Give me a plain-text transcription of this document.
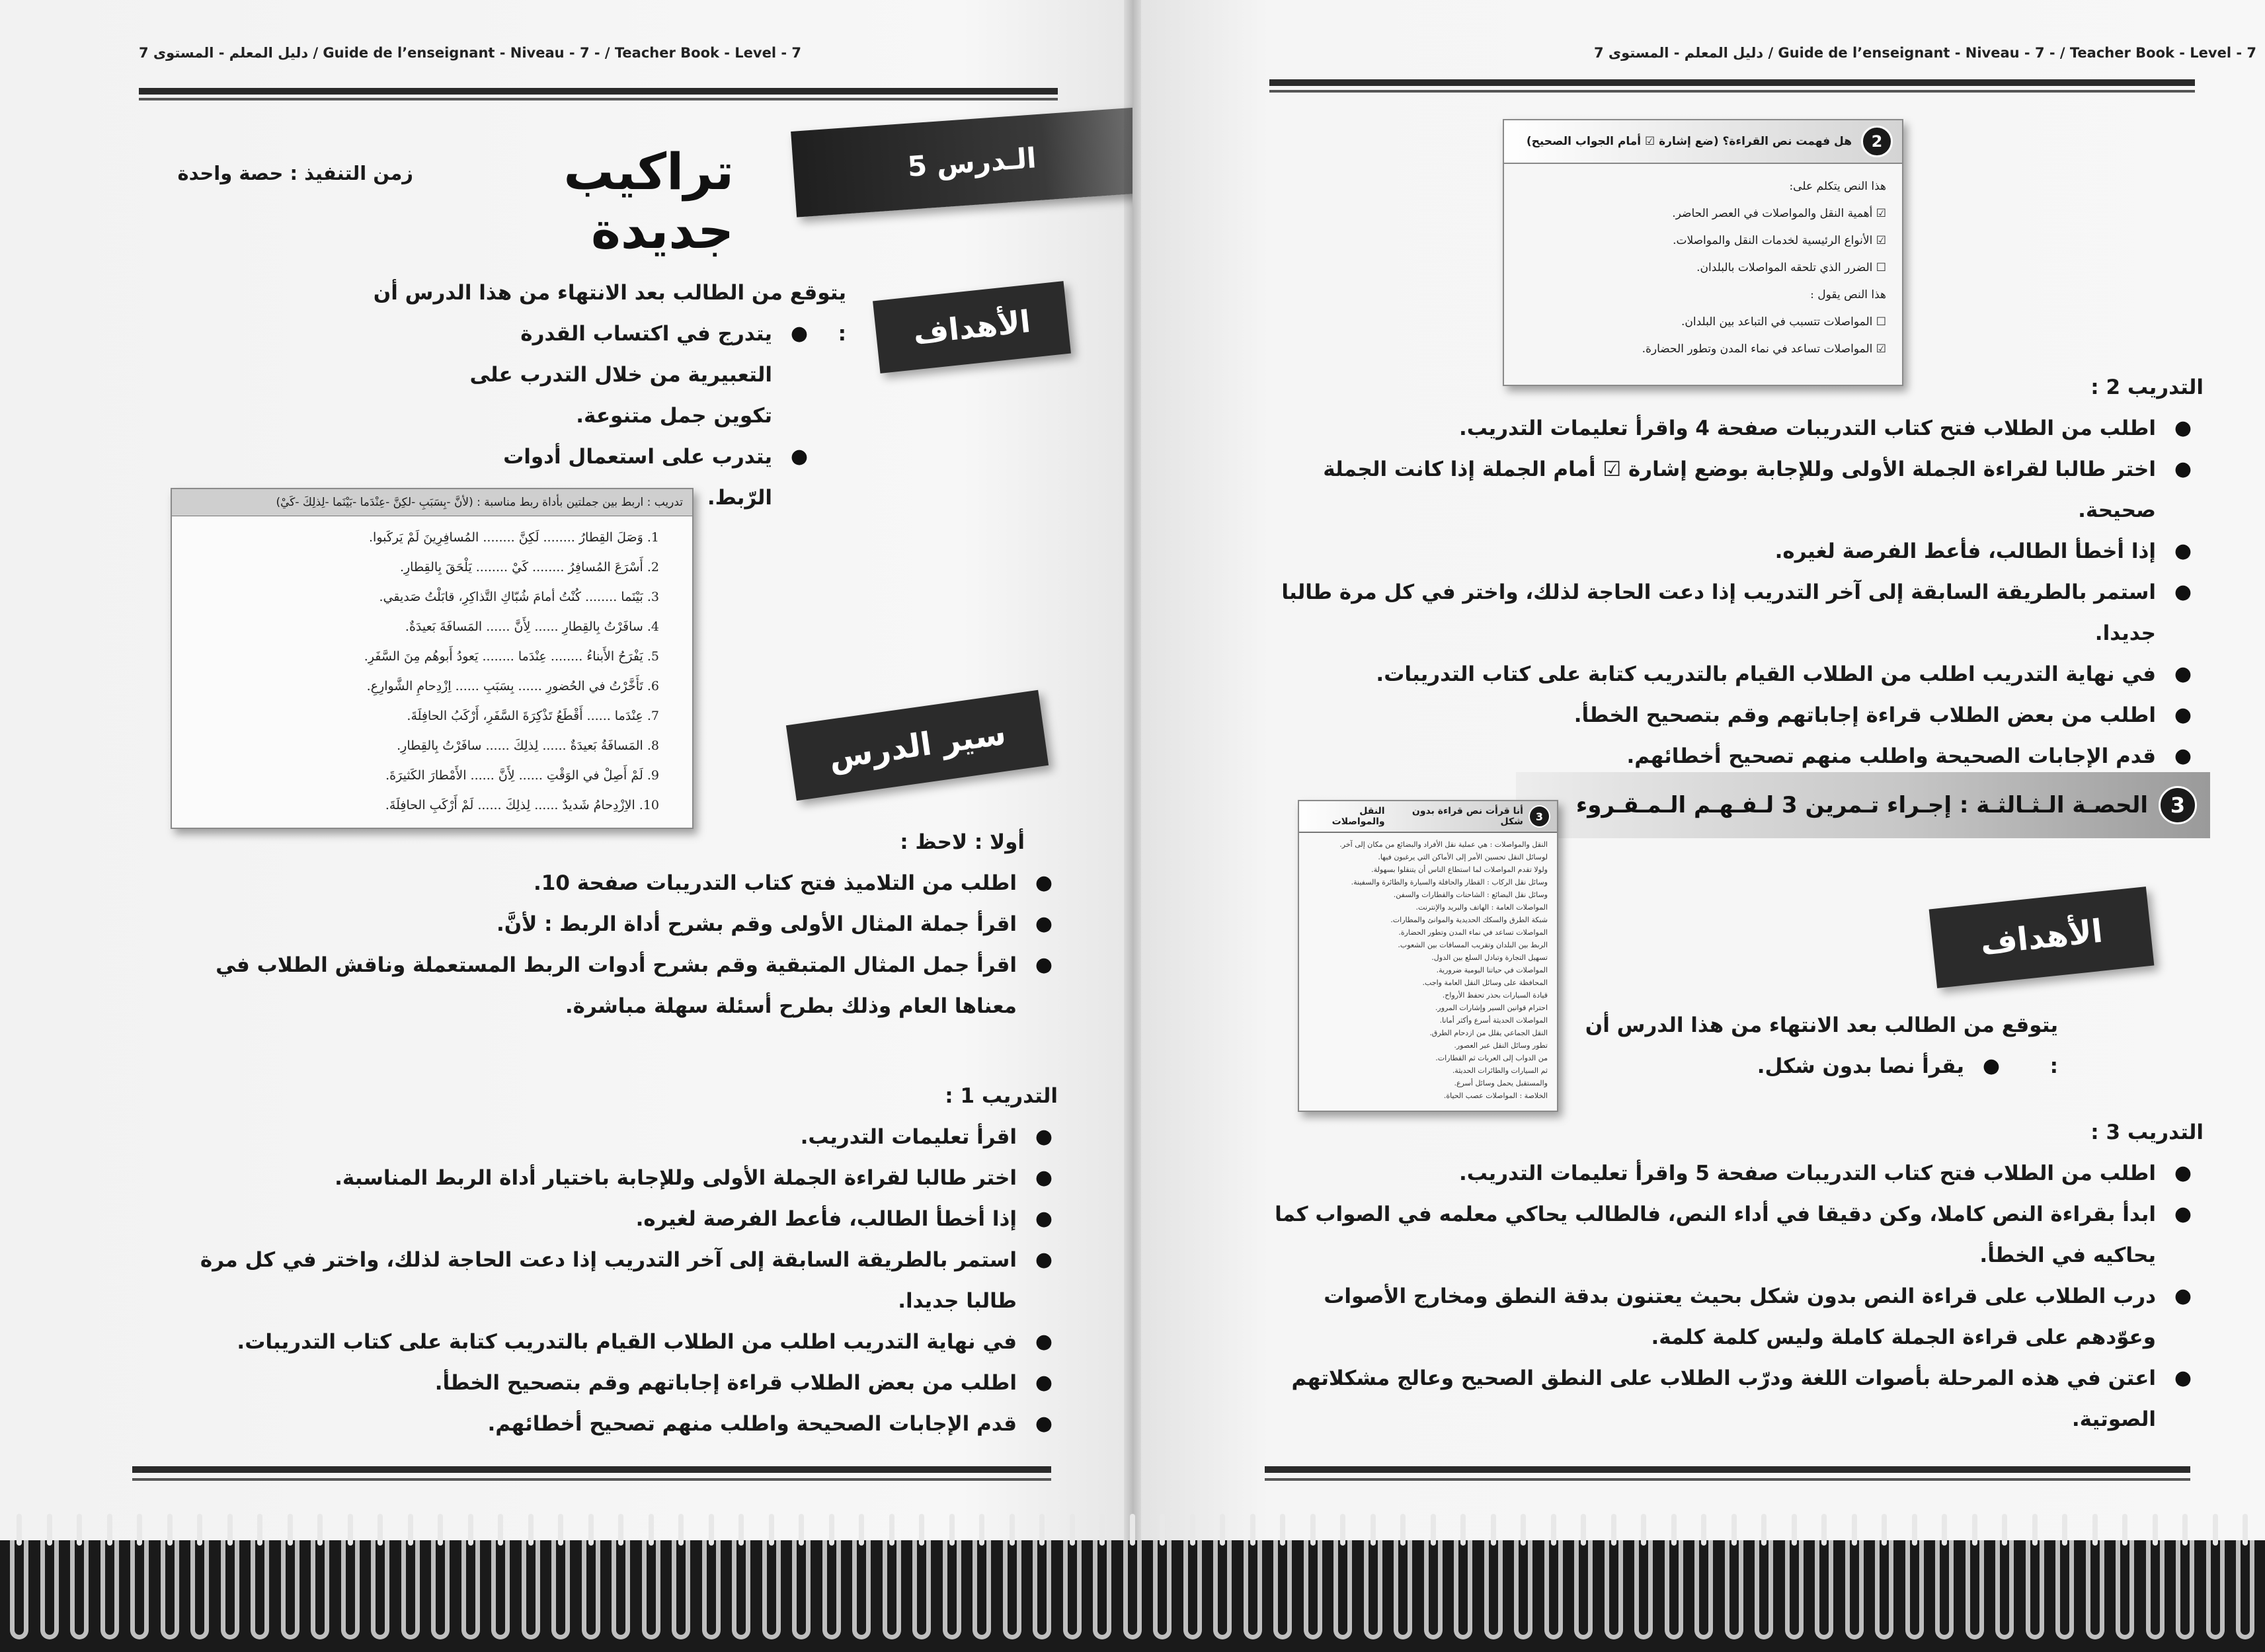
دليل المعلم - المستوى 7 / Guide de l’enseignant - Niveau - 7 - / Teacher Book - Level - 7
الـدرس 5
تراكيب جديدة
زمن التنفيذ : حصة واحدة
الأهداف
يتوقع من الطالب بعد الانتهاء من هذا الدرس أن :
● يتدرج في اكتساب القدرة التعبيرية من خلال التدرب على تكوين جمل متنوعة.
● يتدرب على استعمال أدوات الرّبط.
تدريب : اربط بين جملتين بأداة ربط مناسبة : (لأنَّ -بِسَبَبِ -لكِنَّ -عِنْدَما -بَيْنَما -لِذلِكَ -كَيْ)
1. وَصَلَ القِطارُ ........ لَكِنَّ ........ المُسافِرِينَ لَمْ يَركَبوا.
2. أَسْرَعَ المُسافِرُ ........ كَيْ ........ يَلْحَقَ بِالقِطارِ.
3. بَيْنَما ........ كُنْتُ أمامَ شُبّاكِ التَّذاكِرِ، قابَلْتُ صَديقي.
4. سافَرْتُ بِالقِطارِ ...... لِأَنَّ ...... المَسافَةَ بَعيدَةٌ.
5. يَفْرَحُ الأَبناءُ ........ عِنْدَما ........ يَعودُ أَبوهُم مِنَ السَّفَرِ.
6. تَأَخَّرْتُ في الحُضورِ ...... بِسَبَبِ ...... اِزْدِحامِ الشَّوارِعِ.
7. عِنْدَما ...... أَقْطَعُ تَذْكِرَةَ السَّفَرِ، أَرْكَبُ الحافِلَةَ.
8. المَسافَةُ بَعيدَةٌ ...... لِذلِكَ ...... سافَرْتُ بِالقِطارِ.
9. لَمْ أَصِلْ في الوَقْتِ ...... لِأَنَّ ...... الأَمْطارَ الكَثيرَةَ.
10. الاِزْدِحامُ شَديدٌ ...... لِذلِكَ ...... لَمْ أَرْكَبِ الحافِلَةَ.
سير الدرس
أولا : لاحظ :
● اطلب من التلاميذ فتح كتاب التدريبات صفحة 10.
● اقرأ جملة المثال الأولى وقم بشرح أداة الربط : لأنَّ.
● اقرأ جمل المثال المتبقية وقم بشرح أدوات الربط المستعملة وناقش الطلاب في معناها العام وذلك بطرح أسئلة سهلة مباشرة.
التدريب 1 :
● اقرأ تعليمات التدريب.
● اختر طالبا لقراءة الجملة الأولى وللإجابة باختيار أداة الربط المناسبة.
● إذا أخطأ الطالب، فأعط الفرصة لغيره.
● استمر بالطريقة السابقة إلى آخر التدريب إذا دعت الحاجة لذلك، واختر في كل مرة طالبا جديدا.
● في نهاية التدريب اطلب من الطلاب القيام بالتدريب كتابة على كتاب التدريبات.
● اطلب من بعض الطلاب قراءة إجاباتهم وقم بتصحيح الخطأ.
● قدم الإجابات الصحيحة واطلب منهم تصحيح أخطائهم.
دليل المعلم - المستوى 7 / Guide de l’enseignant - Niveau - 7 - / Teacher Book - Level - 7
2
هل فهمت نص القراءة؟ (ضع إشارة ☑ أمام الجواب الصحيح)
هذا النص يتكلم على:
☑ أهمية النقل والمواصلات في العصر الحاضر.
☑ الأنواع الرئيسية لخدمات النقل والمواصلات.
☐ الضرر الذي تلحقه المواصلات بالبلدان.
هذا النص يقول :
☐ المواصلات تتسبب في التباعد بين البلدان.
☑ المواصلات تساعد في نماء المدن وتطور الحضارة.
التدريب 2 :
● اطلب من الطلاب فتح كتاب التدريبات صفحة 4 واقرأ تعليمات التدريب.
● اختر طالبا لقراءة الجملة الأولى وللإجابة بوضع إشارة ☑ أمام الجملة إذا كانت الجملة صحيحة.
● إذا أخطأ الطالب، فأعط الفرصة لغيره.
● استمر بالطريقة السابقة إلى آخر التدريب إذا دعت الحاجة لذلك، واختر في كل مرة طالبا جديدا.
● في نهاية التدريب اطلب من الطلاب القيام بالتدريب كتابة على كتاب التدريبات.
● اطلب من بعض الطلاب قراءة إجاباتهم وقم بتصحيح الخطأ.
● قدم الإجابات الصحيحة واطلب منهم تصحيح أخطائهم.
3
الحصـة الـثـالثـة : إجـراء تـمرين 3 لـفـهـم الـمـقـروء
3
أنا قرأت نص قراءة بدون شكل
النقل والمواصلات
النقل والمواصلات : هي عملية نقل الأفراد والبضائع من مكان إلى آخر.
لوسائل النقل تحسين الأمر إلى الأماكن التي يرغبون فيها.
ولولا تقدم المواصلات لما استطاع الناس أن يتنقلوا بسهولة.
وسائل نقل الركاب : القطار والحافلة والسيارة والطائرة والسفينة.
وسائل نقل البضائع : الشاحنات والقطارات والسفن.
المواصلات العامة : الهاتف والبريد والإنترنت.
شبكة الطرق والسكك الحديدية والموانئ والمطارات.
المواصلات تساعد في نماء المدن وتطور الحضارة.
الربط بين البلدان وتقريب المسافات بين الشعوب.
تسهيل التجارة وتبادل السلع بين الدول.
المواصلات في حياتنا اليومية ضرورية.
المحافظة على وسائل النقل العامة واجب.
قيادة السيارات بحذر تحفظ الأرواح.
احترام قوانين السير وإشارات المرور.
المواصلات الحديثة أسرع وأكثر أمانا.
النقل الجماعي يقلل من ازدحام الطرق.
تطور وسائل النقل عبر العصور.
من الدواب إلى العربات ثم القطارات.
ثم السيارات والطائرات الحديثة.
والمستقبل يحمل وسائل أسرع.
الخلاصة : المواصلات عصب الحياة.
الأهداف
يتوقع من الطالب بعد الانتهاء من هذا الدرس أن :
● يقرأ نصا بدون شكل.
التدريب 3 :
● اطلب من الطلاب فتح كتاب التدريبات صفحة 5 واقرأ تعليمات التدريب.
● ابدأ بقراءة النص كاملا، وكن دقيقا في أداء النص، فالطالب يحاكي معلمه في الصواب كما يحاكيه في الخطأ.
● درب الطلاب على قراءة النص بدون شكل بحيث يعتنون بدقة النطق ومخارج الأصوات وعوّدهم على قراءة الجملة كاملة وليس كلمة كلمة.
● اعتن في هذه المرحلة بأصوات اللغة ودرّب الطلاب على النطق الصحيح وعالج مشكلاتهم الصوتية.
